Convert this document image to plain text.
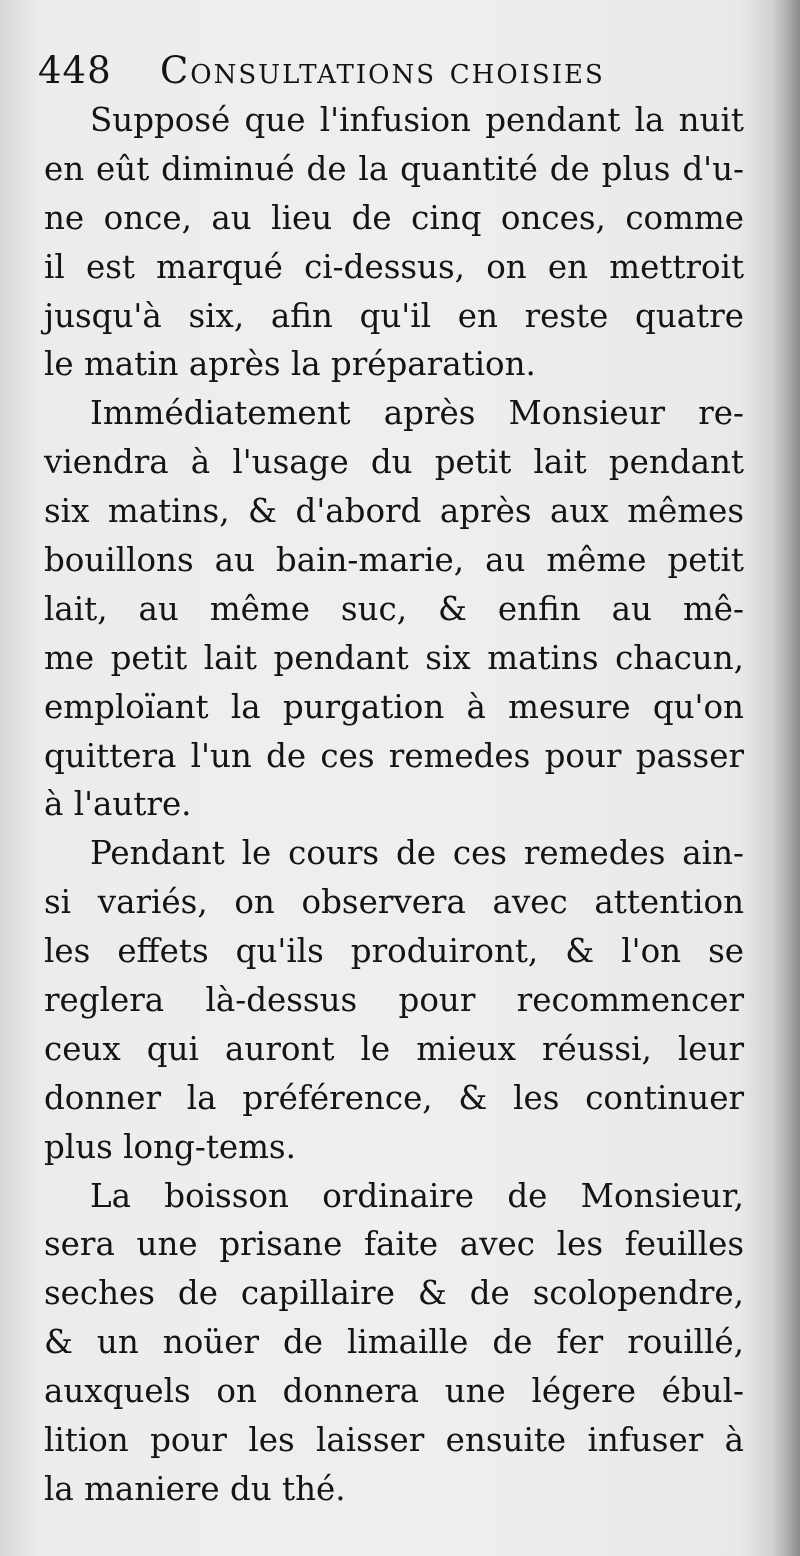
448 Consultations choisies
Supposé que l'infusion pendant la nuit
en eût diminué de la quantité de plus d'u-
ne once, au lieu de cinq onces, comme
il est marqué ci-dessus, on en mettroit
jusqu'à six, afin qu'il en reste quatre
le matin après la préparation.
Immédiatement après Monsieur re-
viendra à l'usage du petit lait pendant
six matins, & d'abord après aux mêmes
bouillons au bain-marie, au même petit
lait, au même suc, & enfin au mê-
me petit lait pendant six matins chacun,
emploïant la purgation à mesure qu'on
quittera l'un de ces remedes pour passer
à l'autre.
Pendant le cours de ces remedes ain-
si variés, on observera avec attention
les effets qu'ils produiront, & l'on se
reglera là-dessus pour recommencer
ceux qui auront le mieux réussi, leur
donner la préférence, & les continuer
plus long-tems.
La boisson ordinaire de Monsieur,
sera une prisane faite avec les feuilles
seches de capillaire & de scolopendre,
& un noüer de limaille de fer rouillé,
auxquels on donnera une légere ébul-
lition pour les laisser ensuite infuser à
la maniere du thé.
